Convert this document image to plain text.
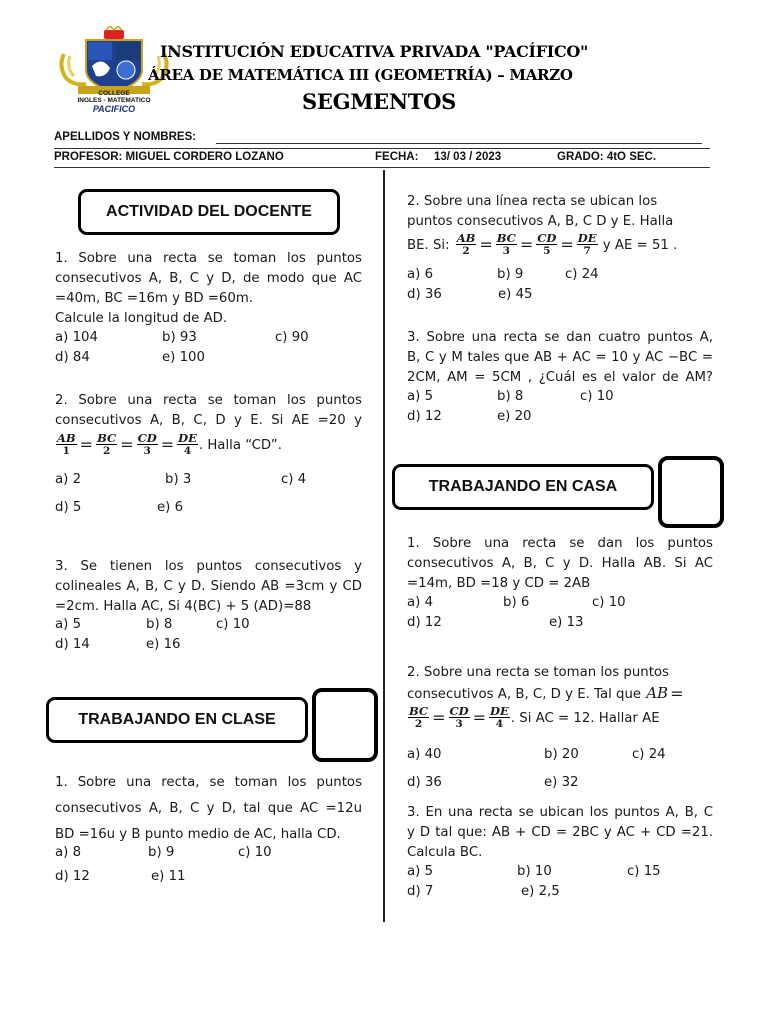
COLLEGE
INGLES - MATEMATICO
PACIFICO
INSTITUCIÓN EDUCATIVA PRIVADA "PACÍFICO"
ÁREA DE MATEMÁTICA III (GEOMETRÍA) – MARZO
SEGMENTOS
APELLIDOS Y NOMBRES:
PROFESOR: MIGUEL CORDERO LOZANO	FECHA: 13/ 03 / 2023	GRADO: 4tO SEC.
ACTIVIDAD DEL DOCENTE
1. Sobre una recta se toman los puntos
consecutivos A, B, C y D, de modo que AC
=40m, BC =16m y BD =60m.
Calcule la longitud de AD.
a) 104	b) 93	c) 90
d) 84	e) 100
2. Sobre una recta se toman los puntos
consecutivos A, B, C, D y E. Si AE =20 y
$\frac{AB}{1} = \frac{BC}{2} = \frac{CD}{3} = \frac{DE}{4}$ . Halla “CD”.
a) 2	b) 3	c) 4
d) 5	e) 6
3. Se tienen los puntos consecutivos y
colineales A, B, C y D. Siendo AB =3cm y CD
=2cm. Halla AC, Si 4(BC) + 5 (AD)=88
a) 5	b) 8	c) 10
d) 14	e) 16
TRABAJANDO EN CLASE
1. Sobre una recta, se toman los puntos
consecutivos A, B, C y D, tal que AC =12u
BD =16u y B punto medio de AC, halla CD.
a) 8	b) 9	c) 10
d) 12	e) 11
2. Sobre una línea recta se ubican los
puntos consecutivos A, B, C D y E. Halla
BE. Si: $\frac{AB}{2} = \frac{BC}{3} = \frac{CD}{5} = \frac{DE}{7}$ y AE = 51 .
a) 6	b) 9	c) 24
d) 36	e) 45
3. Sobre una recta se dan cuatro puntos A,
B, C y M tales que AB + AC = 10 y AC −BC =
2CM, AM = 5CM , ¿Cuál es el valor de AM?
a) 5	b) 8	c) 10
d) 12	e) 20
TRABAJANDO EN CASA
1. Sobre una recta se dan los puntos
consecutivos A, B, C y D. Halla AB. Si AC
=14m, BD =18 y CD = 2AB
a) 4	b) 6	c) 10
d) 12	e) 13
2. Sobre una recta se toman los puntos
consecutivos A, B, C, D y E. Tal que AB =
$\frac{BC}{2} = \frac{CD}{3} = \frac{DE}{4}$ . Si AC = 12. Hallar AE
a) 40	b) 20	c) 24
d) 36	e) 32
3. En una recta se ubican los puntos A, B, C
y D tal que: AB + CD = 2BC y AC + CD =21.
Calcula BC.
a) 5	b) 10	c) 15
d) 7	e) 2,5
